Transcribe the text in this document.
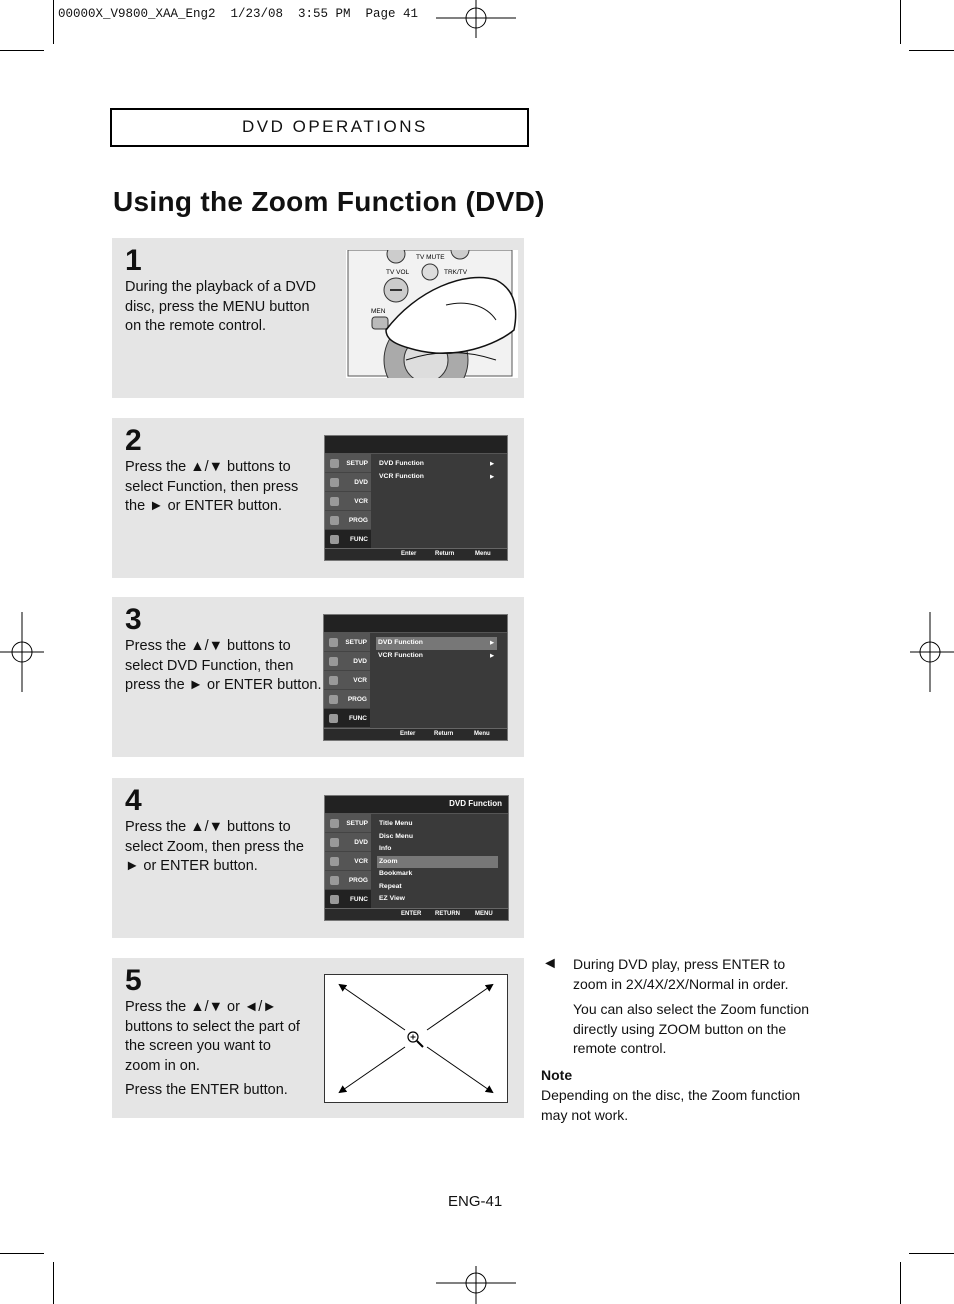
00000X_V9800_XAA_Eng2  1/23/08  3:55 PM  Page 41
DVD OPERATIONS
Using the Zoom Function (DVD)
1
During the playback of a DVD
disc, press the MENU button
on the remote control.
TV MUTE
TV VOL	TRK/TV
MEN
2
Press the ▲/▼ buttons to
select Function, then press
the ► or ENTER button.
SETUP
DVD
VCR
PROG
FUNC
DVD Function ▶
VCR Function ▶
Enter	Return	Menu
3
Press the ▲/▼ buttons to
select DVD Function, then
press the ► or ENTER button.
SETUP
DVD
VCR
PROG
FUNC
DVD Function ▶
VCR Function ▶
Enter	Return	Menu
4
Press the ▲/▼ buttons to
select Zoom, then press the
► or ENTER button.
DVD Function
SETUP
DVD
VCR
PROG
FUNC
Title Menu
Disc Menu
Info
Zoom
Bookmark
Repeat
EZ View
ENTER RETURN	MENU
5
Press the ▲/▼ or ◄/►
buttons to select the part of
the screen you want to
zoom in on.
Press the ENTER button.
◄ During DVD play, press ENTER to
zoom in 2X/4X/2X/Normal in order.
You can also select the Zoom function
directly using ZOOM button on the
remote control.
Note
Depending on the disc, the Zoom function
may not work.
ENG-41
